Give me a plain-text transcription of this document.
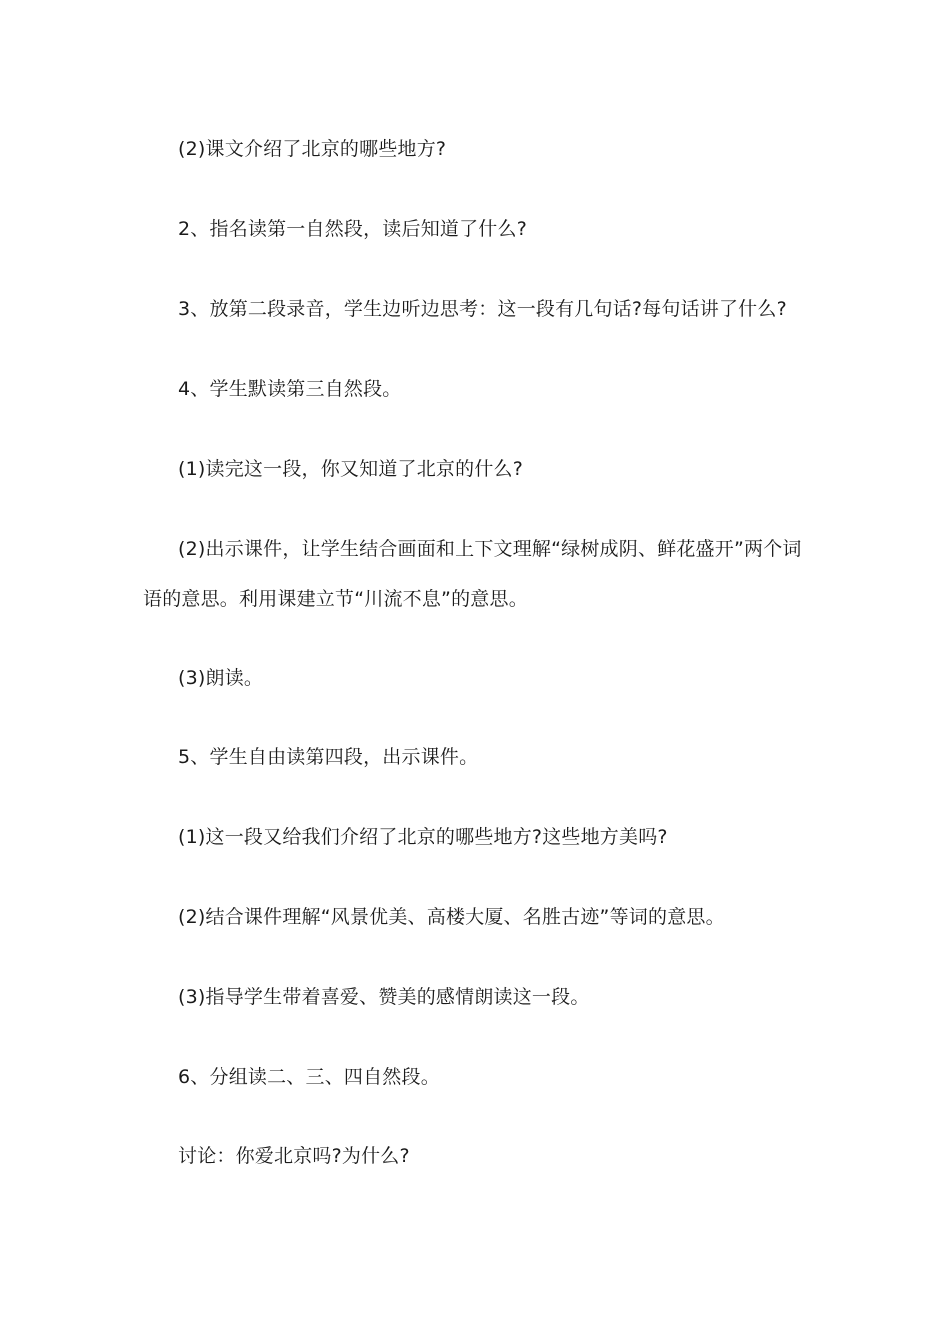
(2)课文介绍了北京的哪些地方?
2、指名读第一自然段，读后知道了什么?
3、放第二段录音，学生边听边思考：这一段有几句话?每句话讲了什么?
4、学生默读第三自然段。
(1)读完这一段，你又知道了北京的什么?
(2)出示课件，让学生结合画面和上下文理解“绿树成阴、鲜花盛开”两个词
语的意思。利用课建立节“川流不息”的意思。
(3)朗读。
5、学生自由读第四段，出示课件。
(1)这一段又给我们介绍了北京的哪些地方?这些地方美吗?
(2)结合课件理解“风景优美、高楼大厦、名胜古迹”等词的意思。
(3)指导学生带着喜爱、赞美的感情朗读这一段。
6、分组读二、三、四自然段。
讨论：你爱北京吗?为什么?
